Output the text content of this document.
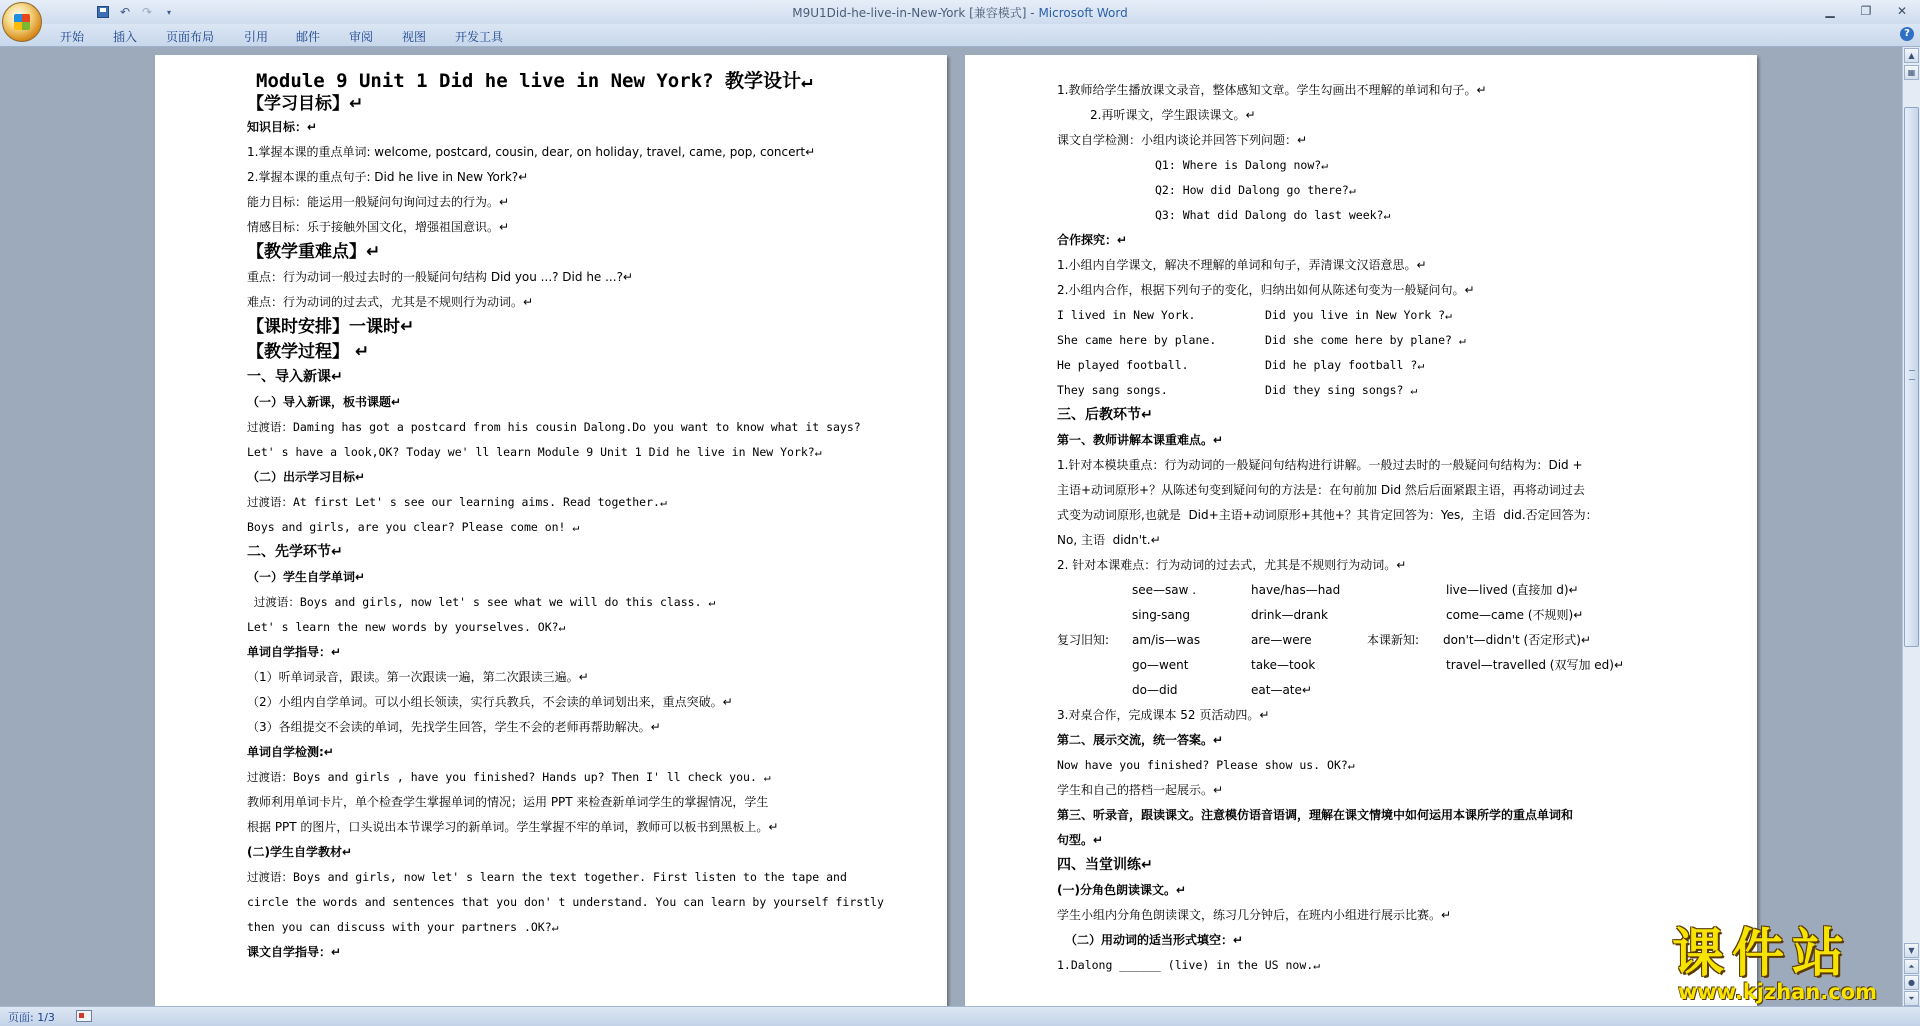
↶ ↷	▾	M9U1Did-he-live-in-New-York [兼容模式] - Microsoft Word	▁	❐	✕
开始 插入 页面布局 引用 邮件 审阅 视图 开发工具	?
Module 9 Unit 1 Did he live in New York? 教学设计↵
【学习目标】↵
知识目标：↵
1.掌握本课的重点单词: welcome, postcard, cousin, dear, on holiday, travel, came, pop, concert↵
2.掌握本课的重点句子: Did he live in New York?↵
能力目标：能运用一般疑问句询问过去的行为。↵
情感目标：乐于接触外国文化，增强祖国意识。↵
【教学重难点】↵
重点：行为动词一般过去时的一般疑问句结构 Did you ...? Did he ...?↵
难点：行为动词的过去式，尤其是不规则行为动词。↵
【课时安排】一课时↵
【教学过程】 ↵
一、导入新课↵
（一）导入新课，板书课题↵
过渡语：Daming has got a postcard from his cousin Dalong.Do you want to know what it says?
Let' s have a look,OK? Today we' ll learn Module 9 Unit 1 Did he live in New York?↵
（二）出示学习目标↵
过渡语：At first Let' s see our learning aims. Read together.↵
Boys and girls, are you clear? Please come on! ↵
二、先学环节↵
（一）学生自学单词↵
过渡语：Boys and girls, now let' s see what we will do this class. ↵
Let' s learn the new words by yourselves. OK?↵
单词自学指导：↵
（1）听单词录音，跟读。第一次跟读一遍，第二次跟读三遍。↵
（2）小组内自学单词。可以小组长领读，实行兵教兵，不会读的单词划出来，重点突破。↵
（3）各组提交不会读的单词，先找学生回答，学生不会的老师再帮助解决。↵
单词自学检测:↵
过渡语：Boys and girls , have you finished? Hands up? Then I' ll check you. ↵
教师利用单词卡片，单个检查学生掌握单词的情况；运用 PPT 来检查新单词学生的掌握情况，学生
根据 PPT 的图片，口头说出本节课学习的新单词。学生掌握不牢的单词，教师可以板书到黑板上。↵
(二)学生自学教材↵
过渡语：Boys and girls, now let' s learn the text together. First listen to the tape and
circle the words and sentences that you don' t understand. You can learn by yourself firstly
then you can discuss with your partners .OK?↵
课文自学指导：↵
1.教师给学生播放课文录音，整体感知文章。学生勾画出不理解的单词和句子。↵
2.再听课文，学生跟读课文。↵
课文自学检测：小组内谈论并回答下列问题：↵
Q1: Where is Dalong now?↵
Q2: How did Dalong go there?↵
Q3: What did Dalong do last week?↵
合作探究：↵
1.小组内自学课文，解决不理解的单词和句子，弄清课文汉语意思。↵
2.小组内合作，根据下列句子的变化，归纳出如何从陈述句变为一般疑问句。↵
I lived in New York.	Did you live in New York ?↵
She came here by plane.	Did she come here by plane? ↵
He played football.	Did he play football ?↵
They sang songs.	Did they sing songs? ↵
三、后教环节↵
第一、教师讲解本课重难点。↵
1.针对本模块重点：行为动词的一般疑问句结构进行讲解。一般过去时的一般疑问句结构为：Did +
主语+动词原形+？从陈述句变到疑问句的方法是：在句前加 Did 然后后面紧跟主语，再将动词过去
式变为动词原形,也就是  Did+主语+动词原形+其他+？其肯定回答为：Yes,  主语  did.否定回答为：
No, 主语  didn't.↵
2. 针对本课难点：行为动词的过去式，尤其是不规则行为动词。↵
see—saw .	have/has—had	live—lived (直接加 d)↵
sing-sang	drink—drank	come—came (不规则)↵
复习旧知: am/is—was	are—were	本课新知: don't—didn't (否定形式)↵
go—went	take—took	travel—travelled (双写加 ed)↵
do—did	eat—ate↵
3.对桌合作，完成课本 52 页活动四。↵
第二、展示交流，统一答案。↵
Now have you finished? Please show us. OK?↵
学生和自己的搭档一起展示。↵
第三、听录音，跟读课文。注意模仿语音语调，理解在课文情境中如何运用本课所学的重点单词和
句型。↵
四、当堂训练↵
(一)分角色朗读课文。↵
学生小组内分角色朗读课文，练习几分钟后，在班内小组进行展示比赛。↵
（二）用动词的适当形式填空：↵
1.Dalong ______ (live) in the US now.↵
▲
▦
▼
⏶
●
⏷
页面: 1/3
课件站
www.kjzhan.com
